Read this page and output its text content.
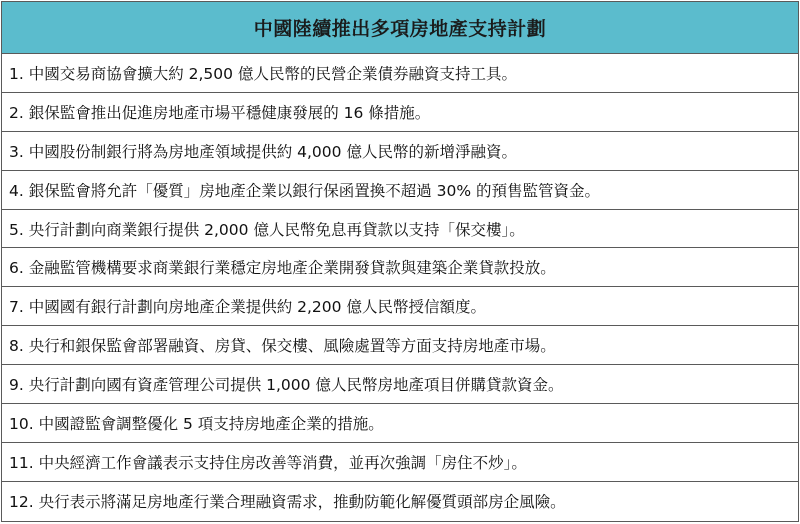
中國陸續推出多項房地產支持計劃
1. 中國交易商協會擴大約 2,500 億人民幣的民營企業債券融資支持工具。
2. 銀保監會推出促進房地產市場平穩健康發展的 16 條措施。
3. 中國股份制銀行將為房地產領域提供約 4,000 億人民幣的新增淨融資。
4. 銀保監會將允許「優質」房地產企業以銀行保函置換不超過 30% 的預售監管資金。
5. 央行計劃向商業銀行提供 2,000 億人民幣免息再貸款以支持「保交樓」。
6. 金融監管機構要求商業銀行業穩定房地產企業開發貸款與建築企業貸款投放。
7. 中國國有銀行計劃向房地產企業提供約 2,200 億人民幣授信額度。
8. 央行和銀保監會部署融資、房貸、保交樓、風險處置等方面支持房地產市場。
9. 央行計劃向國有資產管理公司提供 1,000 億人民幣房地產項目併購貸款資金。
10. 中國證監會調整優化 5 項支持房地產企業的措施。
11. 中央經濟工作會議表示支持住房改善等消費，並再次強調「房住不炒」。
12. 央行表示將滿足房地產行業合理融資需求，推動防範化解優質頭部房企風險。
